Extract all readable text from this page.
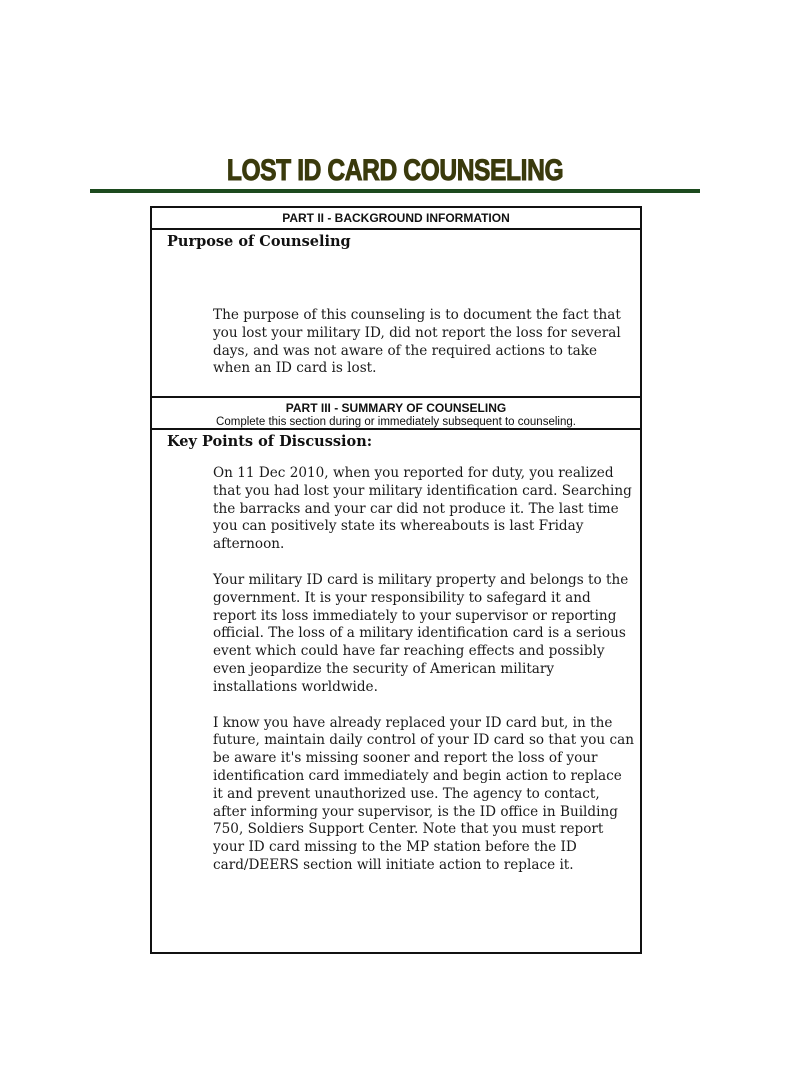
LOST ID CARD COUNSELING
PART II - BACKGROUND INFORMATION
Purpose of Counseling

The purpose of this counseling is to document the fact that you lost your military ID, did not report the loss for several days, and was not aware of the required actions to take when an ID card is lost.

PART III - SUMMARY OF COUNSELING
Complete this section during or immediately subsequent to counseling.
Key Points of Discussion:

On 11 Dec 2010, when you reported for duty, you realized that you had lost your military identification card. Searching the barracks and your car did not produce it. The last time you can positively state its whereabouts is last Friday afternoon.

Your military ID card is military property and belongs to the government. It is your responsibility to safegard it and report its loss immediately to your supervisor or reporting official. The loss of a military identification card is a serious event which could have far reaching effects and possibly even jeopardize the security of American military installations worldwide.

I know you have already replaced your ID card but, in the future, maintain daily control of your ID card so that you can be aware it's missing sooner and report the loss of your identification card immediately and begin action to replace it and prevent unauthorized use. The agency to contact, after informing your supervisor, is the ID office in Building 750, Soldiers Support Center. Note that you must report your ID card missing to the MP station before the ID card/DEERS section will initiate action to replace it.
